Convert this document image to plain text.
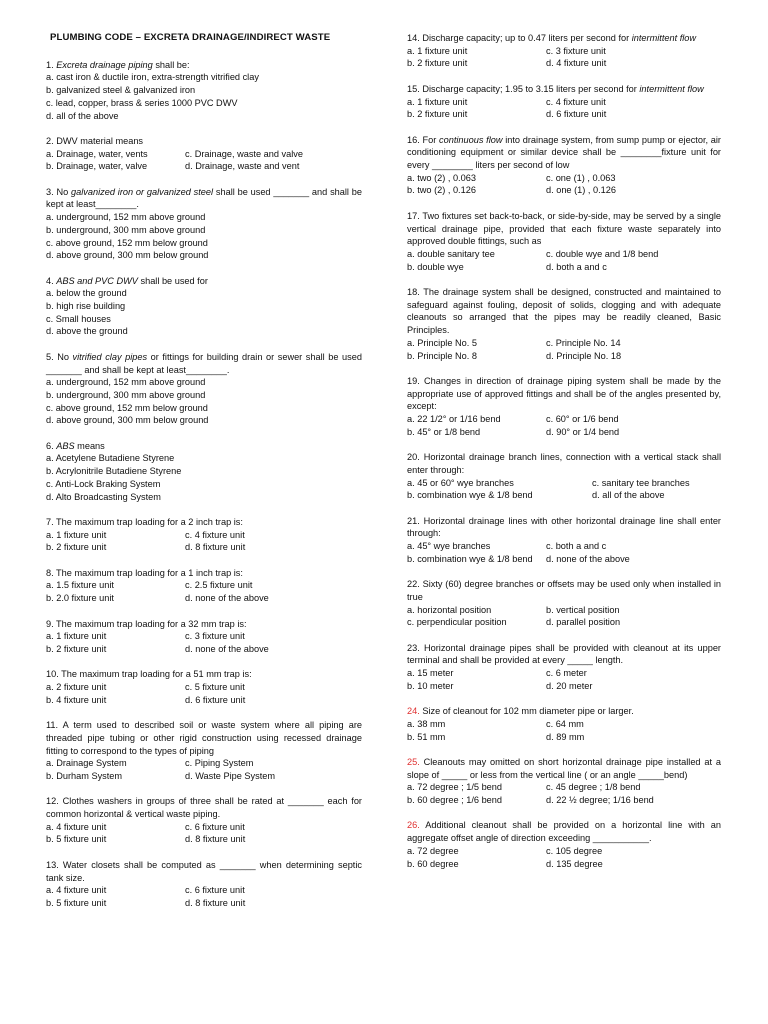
PLUMBING CODE – EXCRETA DRAINAGE/INDIRECT WASTE
1. Excreta drainage piping shall be:
a. cast iron & ductile iron, extra-strength vitrified clay
b. galvanized steel & galvanized iron
c. lead, copper, brass & series 1000 PVC DWV
d. all of the above
2. DWV material means
a. Drainage, water, vents	c. Drainage, waste and valve
b. Drainage, water, valve	d. Drainage, waste and vent
3. No galvanized iron or galvanized steel shall be used _______ and shall be kept at least________.
a. underground, 152 mm above ground
b. underground, 300 mm above ground
c. above ground, 152 mm below ground
d. above ground, 300 mm below ground
4. ABS and PVC DWV shall be used for
a. below the ground
b. high rise building
c. Small houses
d. above the ground
5. No vitrified clay pipes or fittings for building drain or sewer shall be used _______ and shall be kept at least________.
a. underground, 152 mm above ground
b. underground, 300 mm above ground
c. above ground, 152 mm below ground
d. above ground, 300 mm below ground
6. ABS means
a. Acetylene Butadiene Styrene
b. Acrylonitrile Butadiene Styrene
c. Anti-Lock Braking System
d. Alto Broadcasting System
7. The maximum trap loading for a 2 inch trap is:
a. 1 fixture unit	c. 4 fixture unit
b. 2 fixture unit	d. 8 fixture unit
8. The maximum trap loading for a 1 inch trap is:
a. 1.5 fixture unit	c. 2.5 fixture unit
b. 2.0 fixture unit	d. none of the above
9. The maximum trap loading for a 32 mm trap is:
a. 1 fixture unit	c. 3 fixture unit
b. 2 fixture unit	d. none of the above
10. The maximum trap loading for a 51 mm trap is:
a. 2 fixture unit	c. 5 fixture unit
b. 4 fixture unit	d. 6 fixture unit
11. A term used to described soil or waste system where all piping are threaded pipe tubing or other rigid construction using recessed drainage fitting to correspond to the types of piping
a. Drainage System	c. Piping System
b. Durham System	d. Waste Pipe System
12. Clothes washers in groups of three shall be rated at _______ each for common horizontal & vertical waste piping.
a. 4 fixture unit	c. 6 fixture unit
b. 5 fixture unit	d. 8 fixture unit
13. Water closets shall be computed as _______ when determining septic tank size.
a. 4 fixture unit	c. 6 fixture unit
b. 5 fixture unit	d. 8 fixture unit
14. Discharge capacity; up to 0.47 liters per second for intermittent flow
a. 1 fixture unit	c. 3 fixture unit
b. 2 fixture unit	d. 4 fixture unit
15. Discharge capacity; 1.95 to 3.15 liters per second for intermittent flow
a. 1 fixture unit	c. 4 fixture unit
b. 2 fixture unit	d. 6 fixture unit
16. For continuous flow into drainage system, from sump pump or ejector, air conditioning equipment or similar device shall be ________fixture unit for every ________ liters per second of low
a. two (2) , 0.063	c. one (1) , 0.063
b. two (2) , 0.126	d. one (1) , 0.126
17. Two fixtures set back-to-back, or side-by-side, may be served by a single vertical drainage pipe, provided that each fixture waste separately into approved double fittings, such as
a. double sanitary tee	c. double wye and 1/8 bend
b. double wye	d. both a and c
18. The drainage system shall be designed, constructed and maintained to safeguard against fouling, deposit of solids, clogging and with adequate cleanouts so arranged that the pipes may be readily cleaned, Basic Principles.
a. Principle No. 5	c. Principle No. 14
b. Principle No. 8	d. Principle No. 18
19. Changes in direction of drainage piping system shall be made by the appropriate use of approved fittings and shall be of the angles presented by, except:
a. 22 1/2° or 1/16 bend	c. 60° or 1/6 bend
b. 45° or 1/8 bend	d. 90° or 1/4 bend
20. Horizontal drainage branch lines, connection with a vertical stack shall enter through:
a. 45 or 60° wye branches	c. sanitary tee branches
b. combination wye & 1/8 bend	d. all of the above
21. Horizontal drainage lines with other horizontal drainage line shall enter through:
a. 45° wye branches	c. both a and c
b. combination wye & 1/8 bend	d. none of the above
22. Sixty (60) degree branches or offsets may be used only when installed in true
a. horizontal position	b. vertical position
c. perpendicular position	d. parallel position
23. Horizontal drainage pipes shall be provided with cleanout at its upper terminal and shall be provided at every _____ length.
a. 15 meter	c. 6 meter
b. 10 meter	d. 20 meter
24. Size of cleanout for 102 mm diameter pipe or larger.
a. 38 mm	c. 64 mm
b. 51 mm	d. 89 mm
25. Cleanouts may omitted on short horizontal drainage pipe installed at a slope of _____ or less from the vertical line ( or an angle _____bend)
a. 72 degree ; 1/5 bend	c. 45 degree ; 1/8 bend
b. 60 degree ; 1/6 bend	d. 22 ½ degree; 1/16 bend
26. Additional cleanout shall be provided on a horizontal line with an aggregate offset angle of direction exceeding ___________.
a. 72 degree	c. 105 degree
b. 60 degree	d. 135 degree
